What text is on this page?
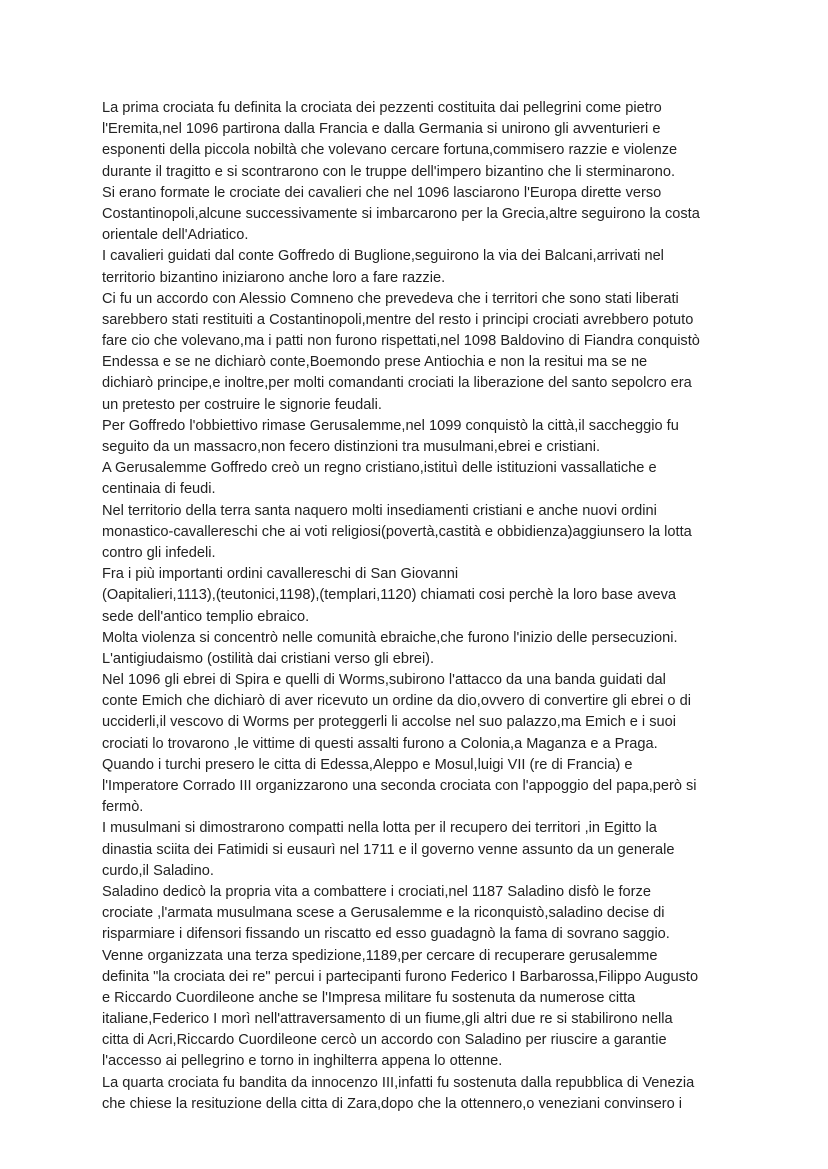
La prima crociata fu definita la crociata dei pezzenti costituita dai pellegrini come pietro
l'Eremita,nel 1096 partirona dalla Francia e dalla Germania si unirono gli avventurieri e
esponenti della piccola nobiltà che volevano cercare fortuna,commisero razzie e violenze
durante il tragitto e si scontrarono con le truppe dell'impero bizantino che li sterminarono.
Si erano formate le crociate dei cavalieri che nel 1096 lasciarono l'Europa dirette verso
Costantinopoli,alcune successivamente si imbarcarono per la Grecia,altre seguirono la costa
orientale dell'Adriatico.
I cavalieri guidati dal conte Goffredo di Buglione,seguirono la via dei Balcani,arrivati nel
territorio bizantino iniziarono anche loro a fare razzie.
Ci fu un accordo con Alessio Comneno che prevedeva che i territori che sono stati liberati
sarebbero stati restituiti a Costantinopoli,mentre del resto i principi crociati avrebbero potuto
fare cio che volevano,ma i patti non furono rispettati,nel 1098 Baldovino di Fiandra conquistò
Endessa e se ne dichiarò conte,Boemondo prese Antiochia e non la resitui ma se ne
dichiarò principe,e inoltre,per molti comandanti crociati la liberazione del santo sepolcro era
un pretesto per costruire le signorie feudali.
Per Goffredo l'obbiettivo rimase Gerusalemme,nel 1099 conquistò la città,il saccheggio fu
seguito da un massacro,non fecero distinzioni tra musulmani,ebrei e cristiani.
A Gerusalemme Goffredo creò un regno cristiano,istituì delle istituzioni vassallatiche e
centinaia di feudi.
Nel territorio della terra santa naquero molti insediamenti cristiani e anche nuovi ordini
monastico-cavallereschi che ai voti religiosi(povertà,castità e obbidienza)aggiunsero la lotta
contro gli infedeli.
Fra i più importanti ordini cavallereschi di San Giovanni
(Oapitalieri,1113),(teutonici,1198),(templari,1120) chiamati cosi perchè la loro base aveva
sede dell'antico templio ebraico.
Molta violenza si concentrò nelle comunità ebraiche,che furono l'inizio delle persecuzioni.
L'antigiudaismo (ostilità dai cristiani verso gli ebrei).
Nel 1096 gli ebrei di Spira e quelli di Worms,subirono l'attacco da una banda guidati dal
conte Emich che dichiarò di aver ricevuto un ordine da dio,ovvero di convertire gli ebrei o di
ucciderli,il vescovo di Worms per proteggerli li accolse nel suo palazzo,ma Emich e i suoi
crociati lo trovarono ,le vittime di questi assalti furono a Colonia,a Maganza e a Praga.
Quando i turchi presero le citta di Edessa,Aleppo e Mosul,luigi VII (re di Francia) e
l'Imperatore Corrado III organizzarono una seconda crociata con l'appoggio del papa,però si
fermò.
I musulmani si dimostrarono compatti nella lotta per il recupero dei territori ,in Egitto la
dinastia sciita dei Fatimidi si eusaurì nel 1711 e il governo venne assunto da un generale
curdo,il Saladino.
Saladino dedicò la propria vita a combattere i crociati,nel 1187 Saladino disfò le forze
crociate ,l'armata musulmana scese a Gerusalemme e la riconquistò,saladino decise di
risparmiare i difensori fissando un riscatto ed esso guadagnò la fama di sovrano saggio.
Venne organizzata una terza spedizione,1189,per cercare di recuperare gerusalemme
definita "la crociata dei re" percui i partecipanti furono Federico I Barbarossa,Filippo Augusto
e Riccardo Cuordileone anche se l'Impresa militare fu sostenuta da numerose citta
italiane,Federico I morì nell'attraversamento di un fiume,gli altri due re si stabilirono nella
citta di Acri,Riccardo Cuordileone cercò un accordo con Saladino per riuscire a garantie
l'accesso ai pellegrino e torno in inghilterra appena lo ottenne.
La quarta crociata fu bandita da innocenzo III,infatti fu sostenuta dalla repubblica di Venezia
che chiese la resituzione della citta di Zara,dopo che la ottennero,o veneziani convinsero i
